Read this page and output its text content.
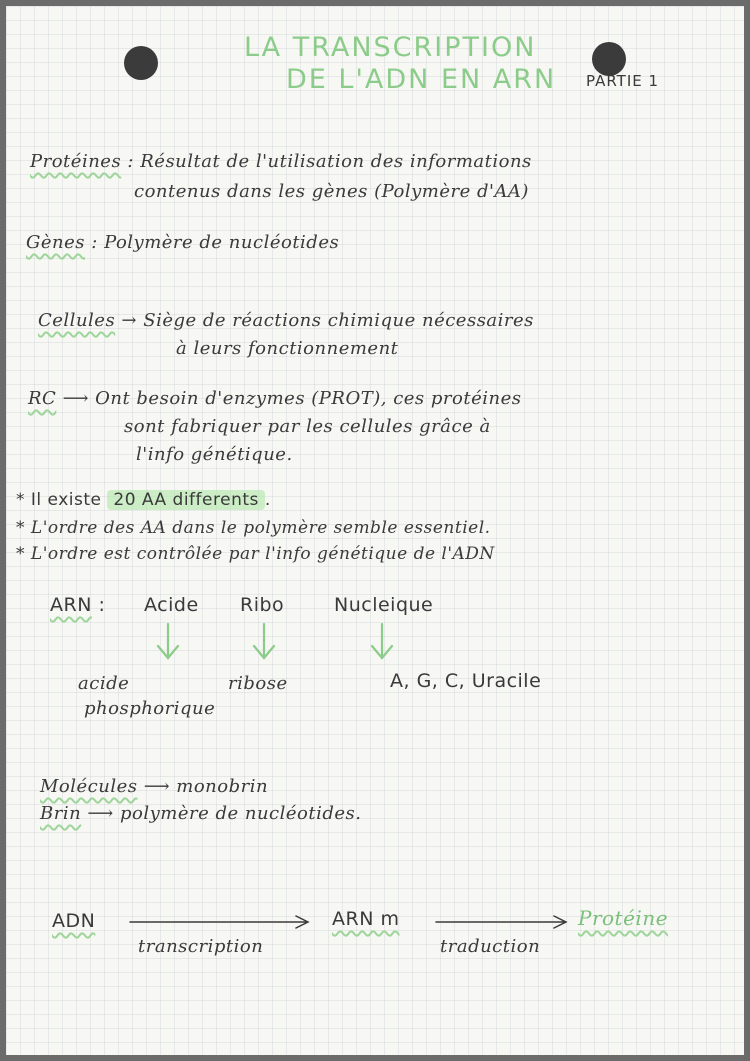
LA TRANSCRIPTION
DE L'ADN EN ARN PARTIE 1
Protéines : Résultat de l'utilisation des informations
contenus dans les gènes (Polymère d'AA)
Gènes : Polymère de nucléotides
Cellules → Siège de réactions chimique nécessaires
à leurs fonctionnement
RC ⟶ Ont besoin d'enzymes (PROT), ces protéines
sont fabriquer par les cellules grâce à
l'info génétique.
* Il existe 20 AA differents .
* L'ordre des AA dans le polymère semble essentiel.
* L'ordre est contrôlée par l'info génétique de l'ADN
ARN : Acide Ribo	Nucleique
acide
phosphorique
ribose	A, G, C, Uracile
Molécules ⟶ monobrin
Brin ⟶ polymère de nucléotides.
ADN	ARN m	Protéine
transcription	traduction
